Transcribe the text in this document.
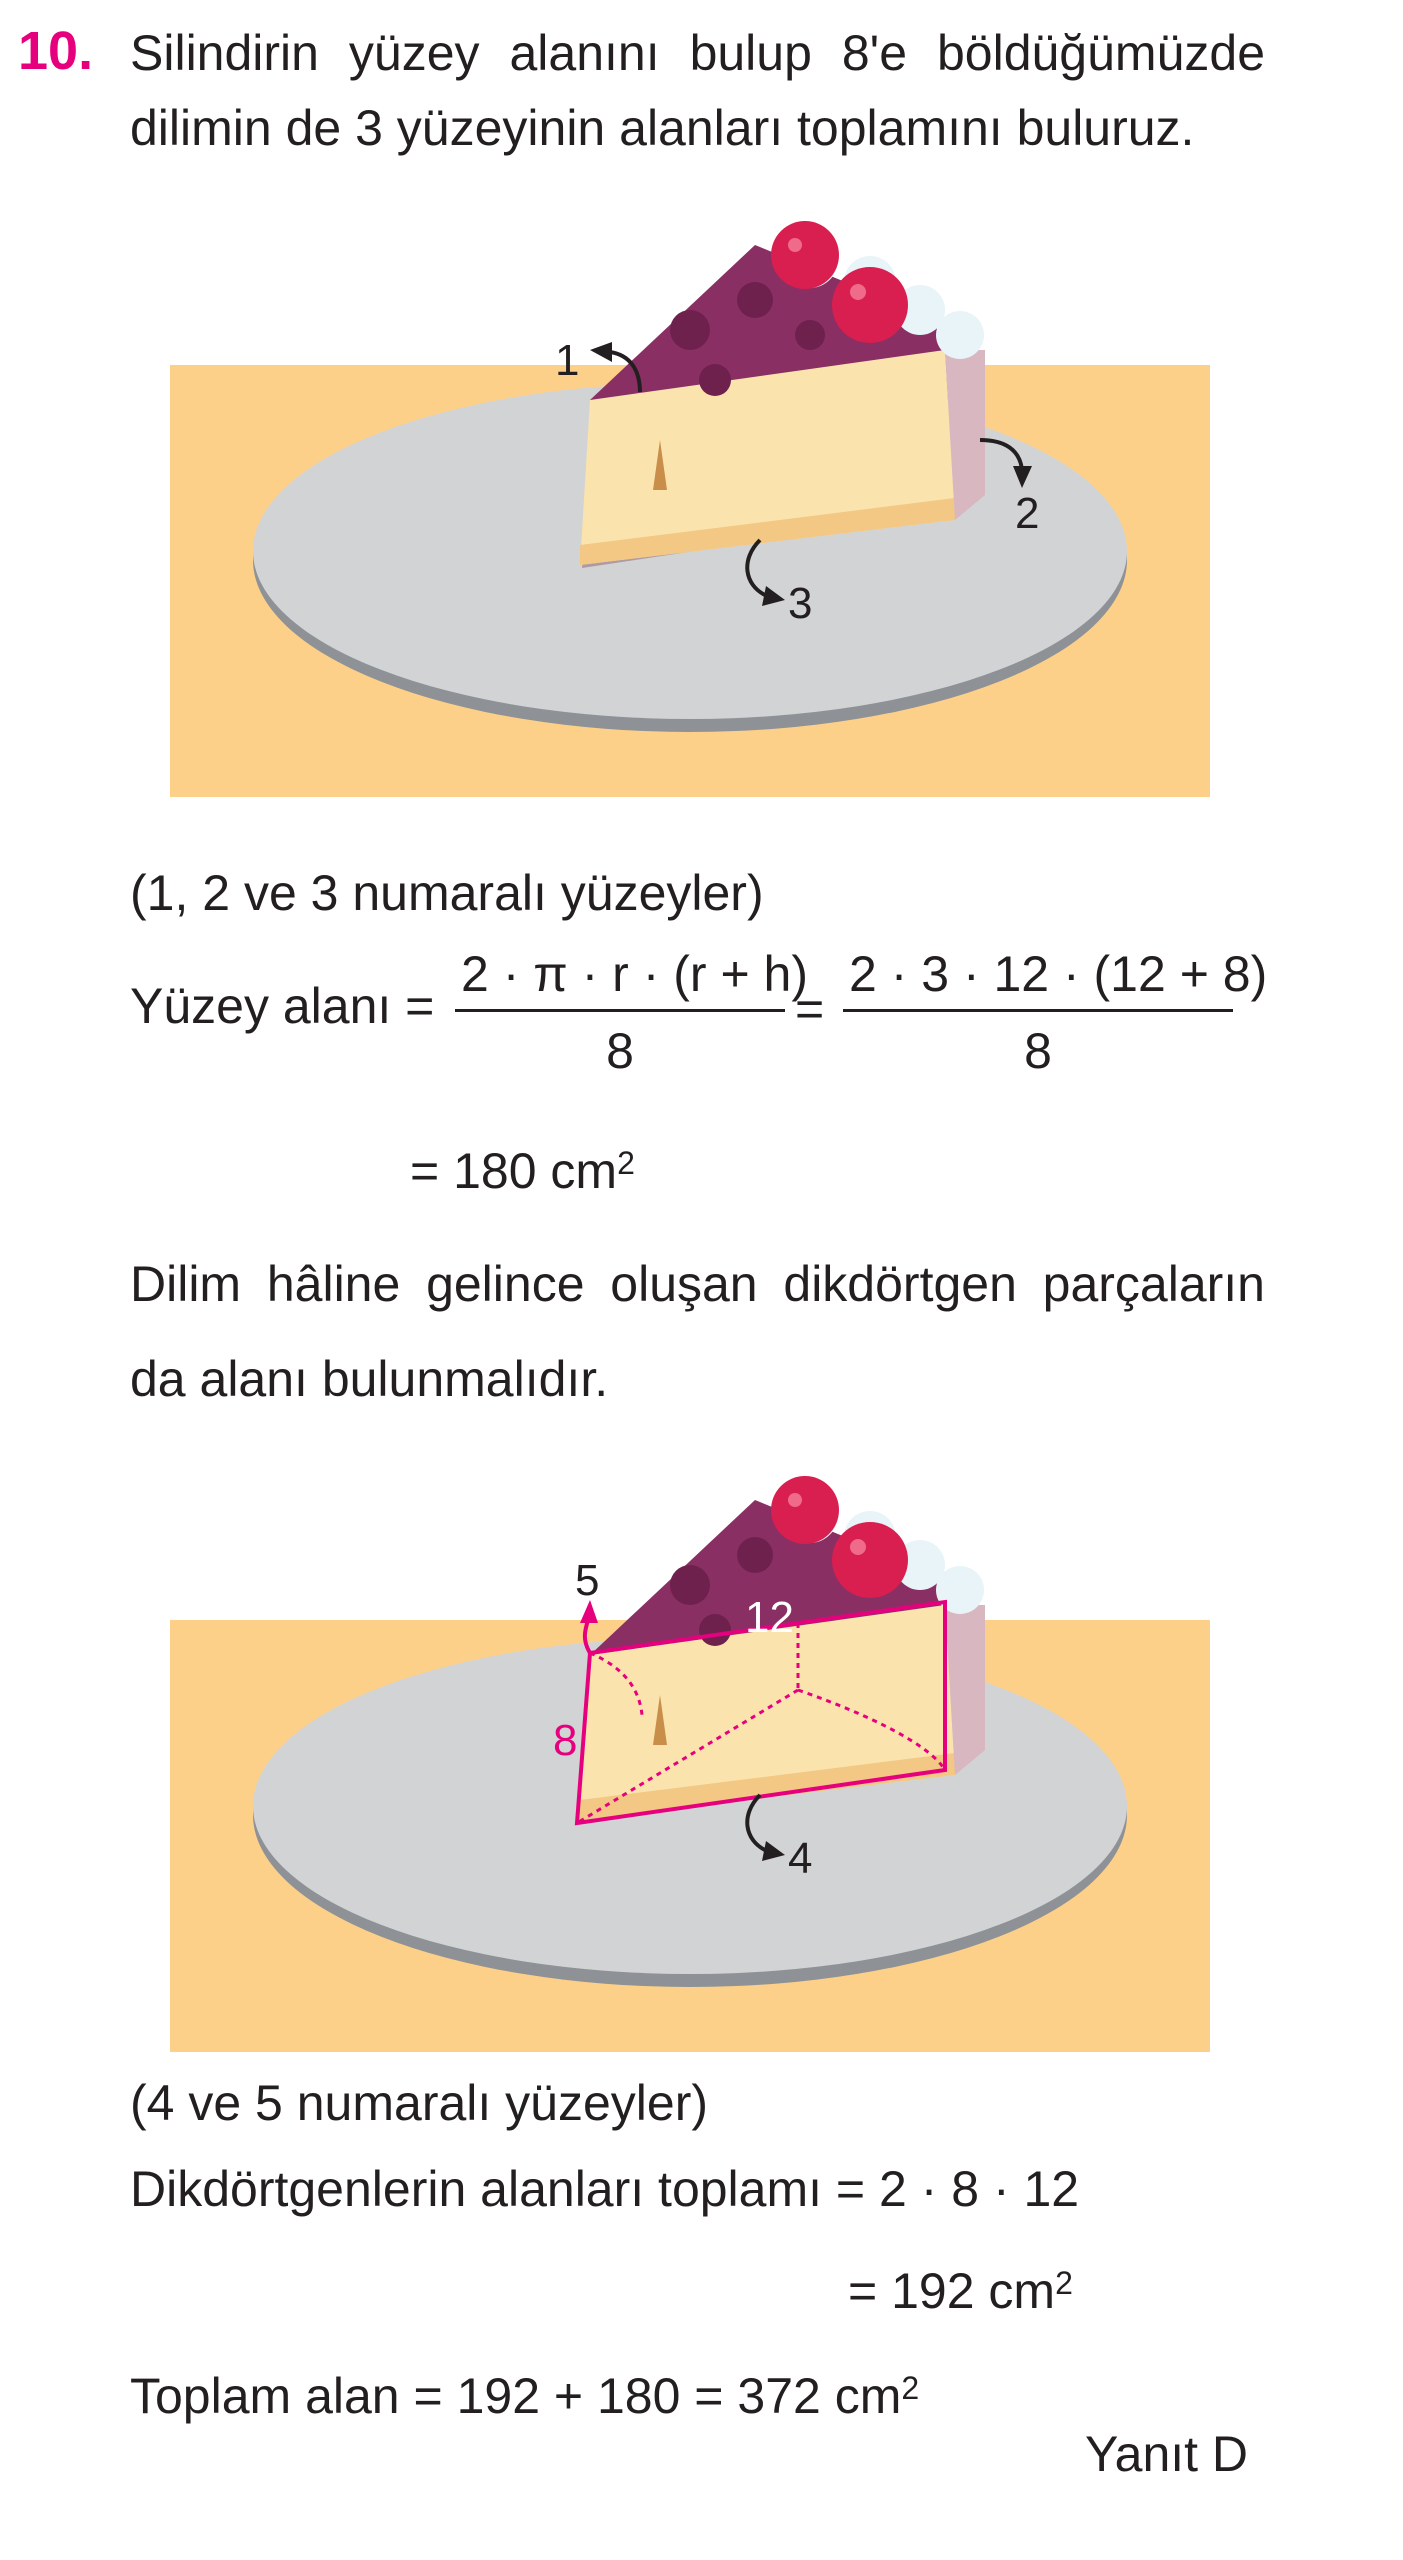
10. Silindirin yüzey alanını bulup 8'e böldüğümüzde
dilimin de 3 yüzeyinin alanları toplamını buluruz.
1
2
3
(1, 2 ve 3 numaralı yüzeyler)
Yüzey alanı = $\frac{2 \cdot \pi \cdot r \cdot (r + h)}{8} = \frac{2 \cdot 3 \cdot 12 \cdot (12 + 8)}{8}$
= 180 $cm^2$
Dilim hâline gelince oluşan dikdörtgen parçaların
da alanı bulunmalıdır.
5
12
8
4
(4 ve 5 numaralı yüzeyler)
Dikdörtgenlerin alanları toplamı = 2 · 8 · 12
= 192 $cm^2$
Toplam alan = 192 + 180 = 372 $cm^2$
Yanıt D
